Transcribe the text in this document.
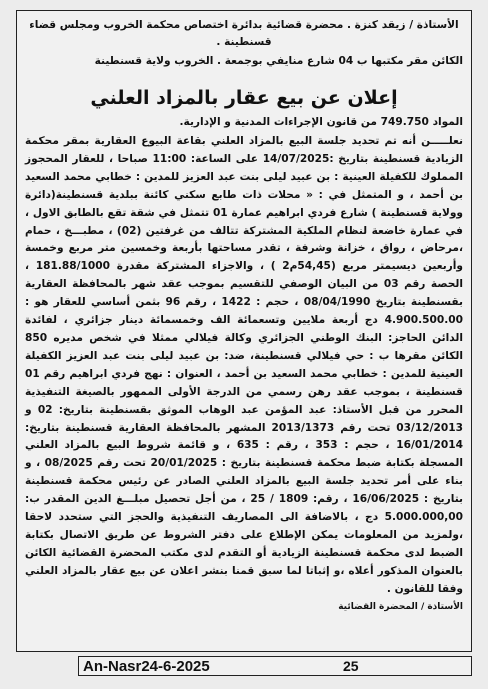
الأستاذة / زيقد كنزة . محضرة قضائية بدائرة اختصاص محكمة الخروب ومجلس قضاء قسنطينة .

الكائن مقر مكتبها ب 04 شارع منايفي بوجمعة . الخروب ولاية قسنطينة

إعلان عن بيع عقار بالمزاد العلني

المواد 749.750 من قانون الإجراءات المدنية و الإدارية.

نعلـــــن أنه تم تحديد جلسة البيع بالمزاد العلني بقاعة البيوع العقارية بمقر محكمة الزيادية قسنطينة بتاريخ :14/07/2025 على الساعة: 11:00 صباحا ، للعقار المحجوز المملوك للكفيلة العينية : بن عبيد ليلى بنت عبد العزيز للمدين : خطابي محمد السعيد بن أحمد ، و المتمثل في : « محلات ذات طابع سكني كائنة ببلدية قسنطينة(دائرة وولاية قسنطينة ) شارع فردي ابراهيم عمارة 01 تتمثل في شقة تقع بالطابق الاول ، في عمارة خاضعة لنظام الملكية المشتركة تتالف من غرفتين (02) ، مطبـــخ ، حمام ،مرحاض ، رواق ، خزانة وشرفة ، تقدر مساحتها بأربعة وخمسين متر مربع وخمسة وأربعين ديسيمتر مربع (54,45م2 ) ، والاجزاء المشتركة مقدرة 181.88/1000 ، الحصة رقم 03 من البيان الوصفي للتقسيم بموجب عقد شهر بالمحافظة العقارية بقسنطينة بتاريخ 08/04/1990 ، حجم : 1422 ، رقم 96 بثمن أساسي للعقار هو : 4.900.500.00 دج أربعة ملايين وتسعمائة الف وخمسمائة دينار جزائري ، لفائدة الدائن الحاجز: البنك الوطني الجزائري وكالة فيلالي ممثلا في شخص مديره 850 الكائن مقرها ب : حي فيلالي قسنطينة، ضد: بن عبيد ليلى بنت عبد العزيز الكفيلة العينية للمدين : خطابي محمد السعيد بن أحمد ، العنوان : نهج فردي ابراهيم رقم 01 قسنطينة ، بموجب عقد رهن رسمي من الدرجة الأولى الممهور بالصيغة التنفيذية المحرر من قبل الأستاذ: عبد المؤمن عبد الوهاب الموثق بقسنطينة بتاريخ: 02 و 03/12/2013 تحت رقم 2013/1373 المشهر بالمحافظة العقارية قسنطينة بتاريخ: 16/01/2014 ، حجم : 353 ، رقم : 635 ، و قائمة شروط البيع بالمزاد العلني المسجلة بكتابة ضبط محكمة قسنطينة بتاريخ : 20/01/2025 تحت رقم 08/2025 ، و بناء على أمر تحديد جلسة البيع بالمزاد العلني الصادر عن رئيس محكمة قسنطينة بتاريخ : 16/06/2025 ، رقم: 1809 / 25 ، من أجل تحصيل مبلـــغ الدين المقدر ب: 5.000.000,00 دج ، بالاضافة الى المصاريف التنفيذية والحجز التي ستحدد لاحقا ،ولمزيد من المعلومات يمكن الإطلاع على دفتر الشروط عن طريق الاتصال بكتابة الضبط لدى محكمة قسنطينة الزيادية أو التقدم لدى مكتب المحضرة القضائية الكائن بالعنوان المذكور أعلاه ،و إثباتا لما سبق قمنا بنشر اعلان عن بيع عقار بالمزاد العلني وفقا للقانون .

الأستاذة / المحضرة القضائية

An-Nasr24-6-2025	25
